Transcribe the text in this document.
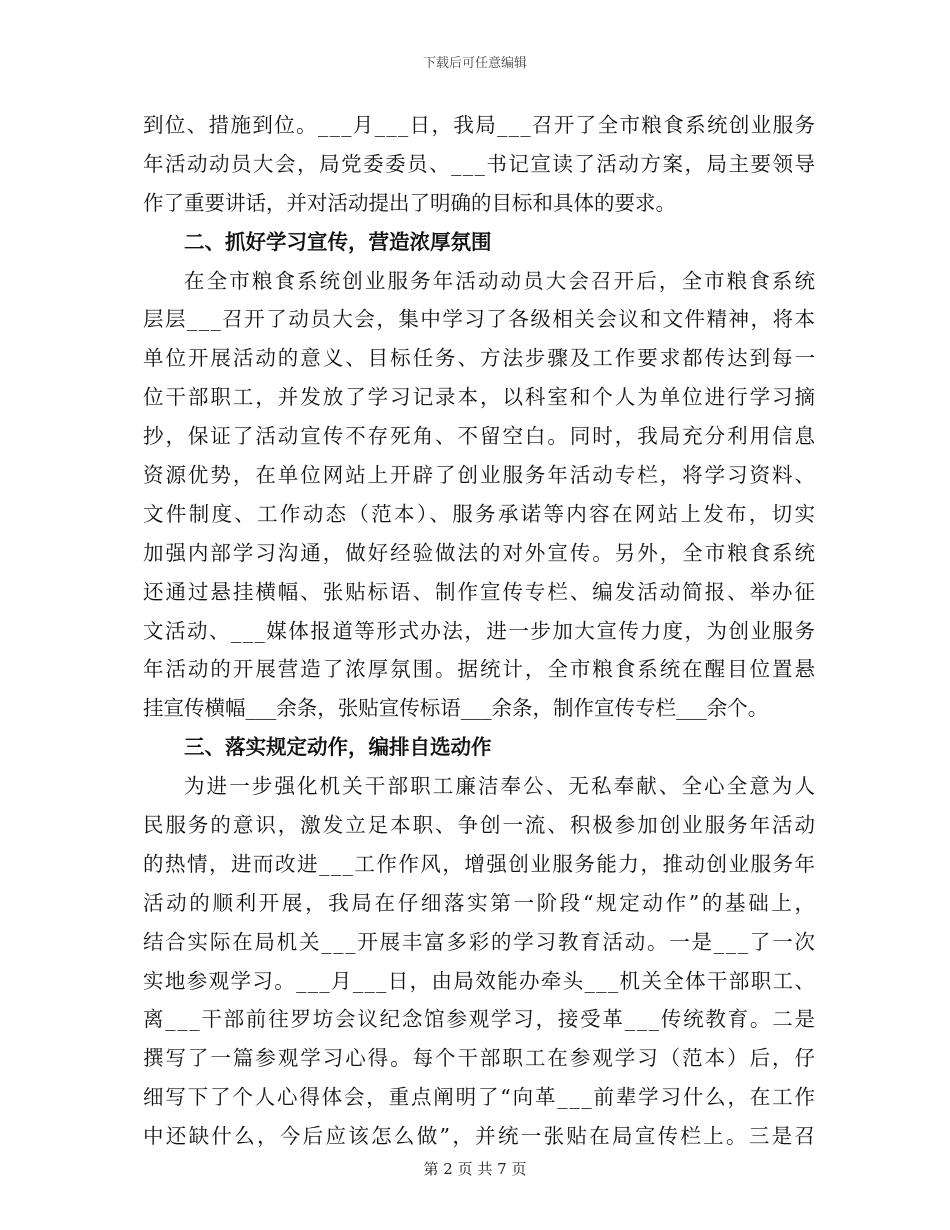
下载后可任意编辑
到位、措施到位。___月___日，我局___召开了全市粮食系统创业服务
年活动动员大会，局党委委员、___书记宣读了活动方案，局主要领导
作了重要讲话，并对活动提出了明确的目标和具体的要求。
二、抓好学习宣传，营造浓厚氛围
在全市粮食系统创业服务年活动动员大会召开后，全市粮食系统
层层___召开了动员大会，集中学习了各级相关会议和文件精神，将本
单位开展活动的意义、目标任务、方法步骤及工作要求都传达到每一
位干部职工，并发放了学习记录本，以科室和个人为单位进行学习摘
抄，保证了活动宣传不存死角、不留空白。同时，我局充分利用信息
资源优势，在单位网站上开辟了创业服务年活动专栏，将学习资料、
文件制度、工作动态（范本）、服务承诺等内容在网站上发布，切实
加强内部学习沟通，做好经验做法的对外宣传。另外，全市粮食系统
还通过悬挂横幅、张贴标语、制作宣传专栏、编发活动简报、举办征
文活动、___媒体报道等形式办法，进一步加大宣传力度，为创业服务
年活动的开展营造了浓厚氛围。据统计，全市粮食系统在醒目位置悬
挂宣传横幅___余条，张贴宣传标语___余条，制作宣传专栏___余个。
三、落实规定动作，编排自选动作
为进一步强化机关干部职工廉洁奉公、无私奉献、全心全意为人
民服务的意识，激发立足本职、争创一流、积极参加创业服务年活动
的热情，进而改进___工作作风，增强创业服务能力，推动创业服务年
活动的顺利开展，我局在仔细落实第一阶段“规定动作”的基础上，
结合实际在局机关___开展丰富多彩的学习教育活动。一是___了一次
实地参观学习。___月___日，由局效能办牵头___机关全体干部职工、
离___干部前往罗坊会议纪念馆参观学习，接受革___传统教育。二是
撰写了一篇参观学习心得。每个干部职工在参观学习（范本）后，仔
细写下了个人心得体会，重点阐明了“向革___前辈学习什么，在工作
中还缺什么，今后应该怎么做”，并统一张贴在局宣传栏上。三是召
第 2 页 共 7 页
